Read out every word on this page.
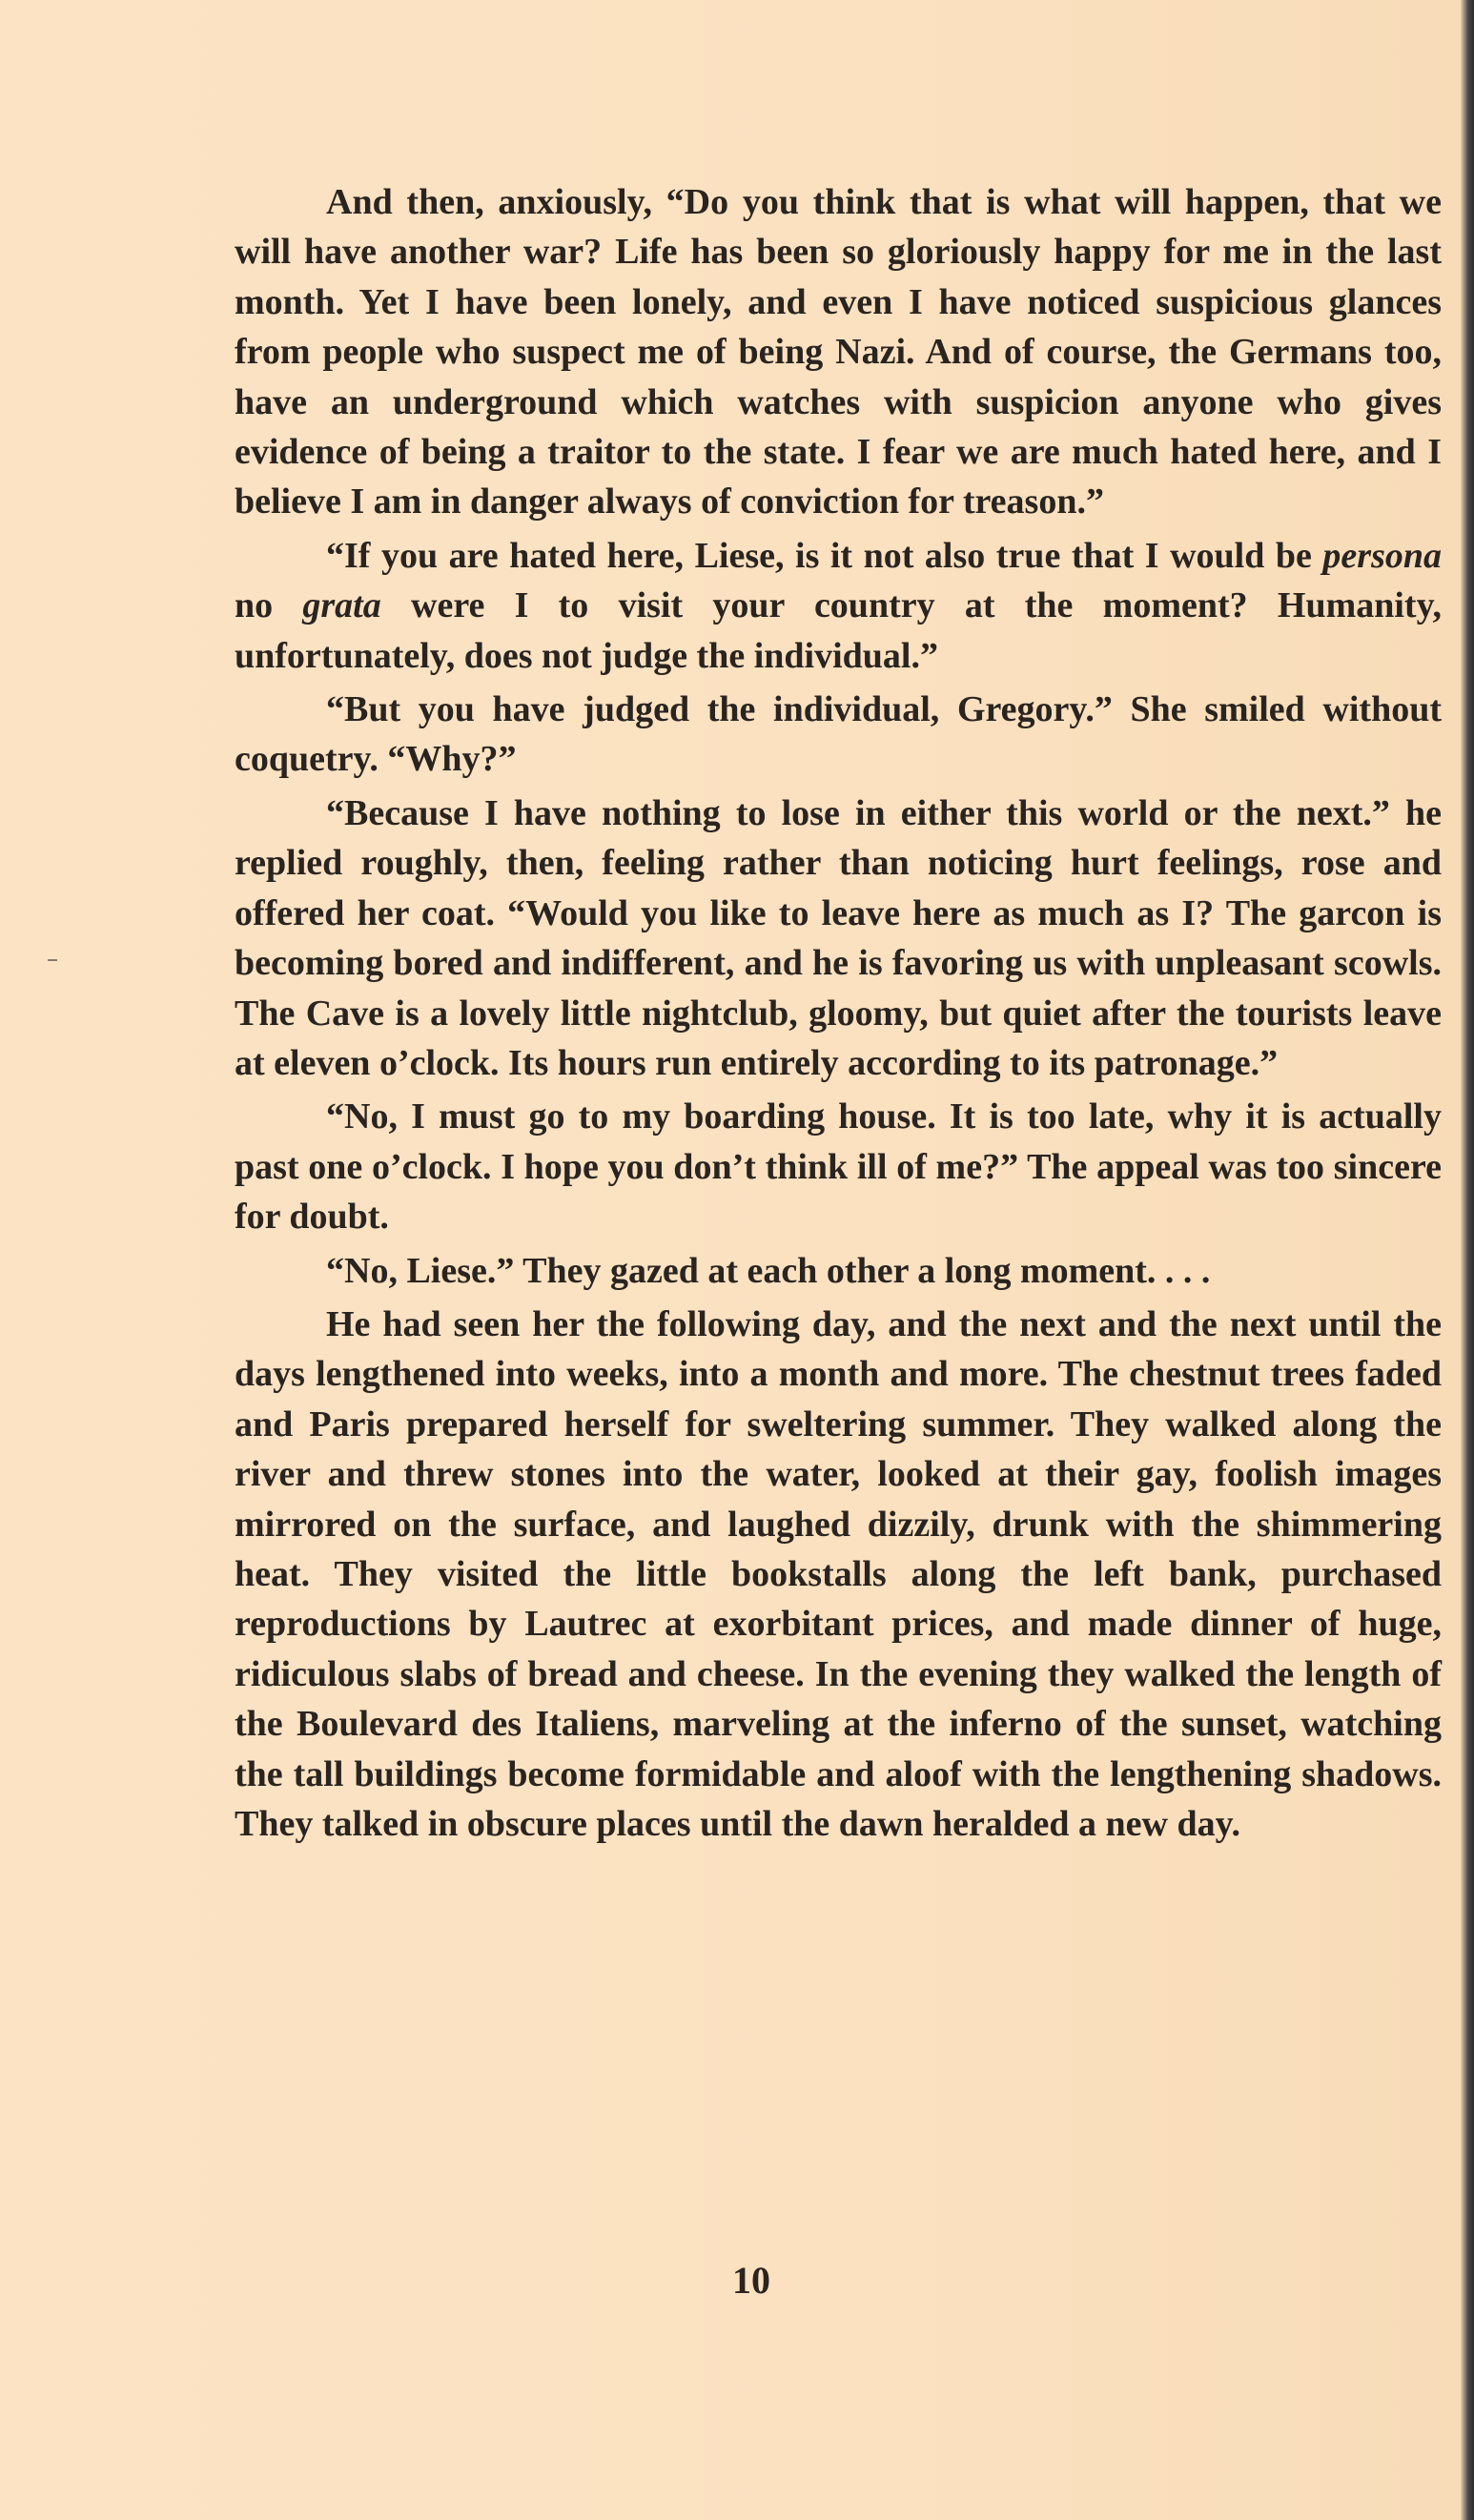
And then, anxiously, “Do you think that is what will happen, that we will have another war? Life has been so gloriously happy for me in the last month. Yet I have been lonely, and even I have noticed suspicious glances from people who suspect me of being Nazi. And of course, the Germans too, have an underground which watches with suspicion anyone who gives evidence of being a traitor to the state. I fear we are much hated here, and I believe I am in danger always of conviction for treason.”

“If you are hated here, Liese, is it not also true that I would be persona no grata were I to visit your country at the moment? Humanity, unfortunately, does not judge the individual.”

“But you have judged the individual, Gregory.” She smiled without coquetry. “Why?”

“Because I have nothing to lose in either this world or the next.” he replied roughly, then, feeling rather than noticing hurt feelings, rose and offered her coat. “Would you like to leave here as much as I? The garcon is becoming bored and indifferent, and he is favoring us with unpleasant scowls. The Cave is a lovely little nightclub, gloomy, but quiet after the tourists leave at eleven o’clock. Its hours run entirely according to its patronage.”

“No, I must go to my boarding house. It is too late, why it is actually past one o’clock. I hope you don’t think ill of me?” The appeal was too sincere for doubt.

“No, Liese.” They gazed at each other a long moment. . . .

He had seen her the following day, and the next and the next until the days lengthened into weeks, into a month and more. The chestnut trees faded and Paris prepared herself for sweltering summer. They walked along the river and threw stones into the water, looked at their gay, foolish images mirrored on the surface, and laughed dizzily, drunk with the shimmering heat. They visited the little bookstalls along the left bank, purchased reproductions by Lautrec at exorbitant prices, and made dinner of huge, ridiculous slabs of bread and cheese. In the evening they walked the length of the Boulevard des Italiens, marveling at the inferno of the sunset, watching the tall buildings become formidable and aloof with the lengthening shadows. They talked in obscure places until the dawn heralded a new day.

10
